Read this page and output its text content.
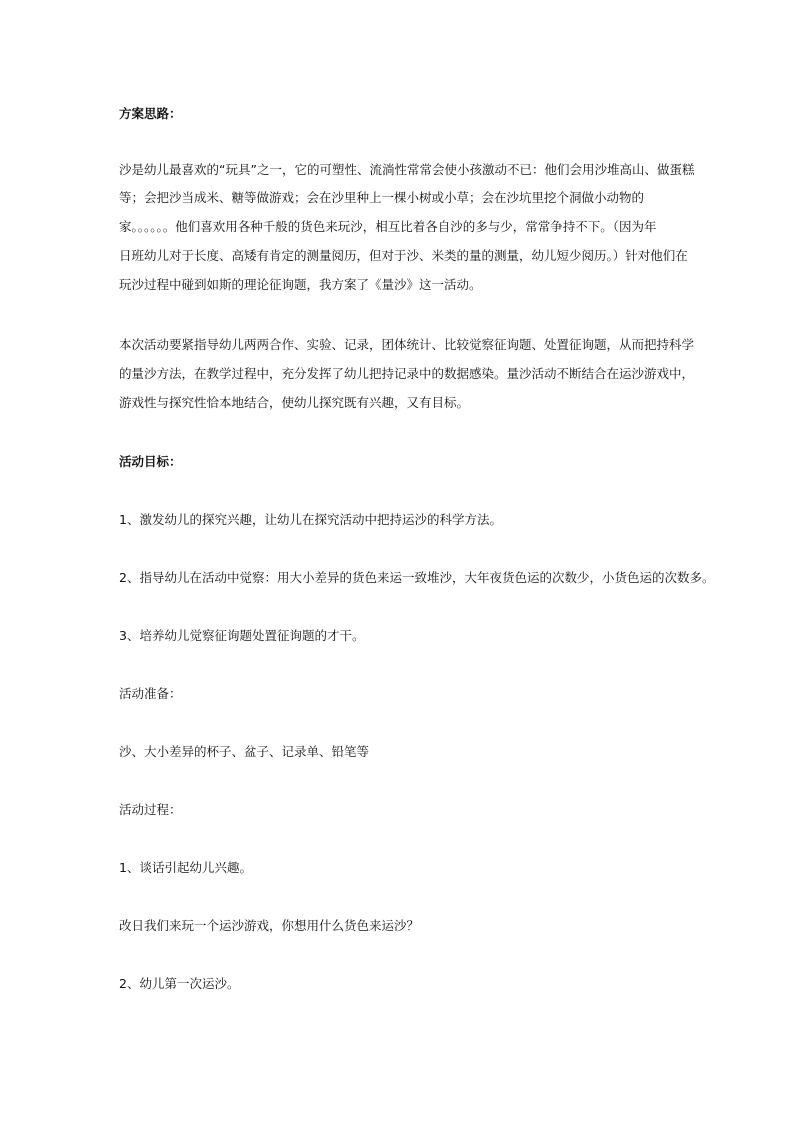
方案思路：
沙是幼儿最喜欢的“玩具”之一，它的可塑性、流淌性常常会使小孩激动不已：他们会用沙堆高山、做蛋糕
等；会把沙当成米、糖等做游戏；会在沙里种上一棵小树或小草；会在沙坑里挖个洞做小动物的
家。。。。。。他们喜欢用各种千般的货色来玩沙，相互比着各自沙的多与少，常常争持不下。（因为年
日班幼儿对于长度、高矮有肯定的测量阅历，但对于沙、米类的量的测量，幼儿短少阅历。）针对他们在
玩沙过程中碰到如斯的理论征询题，我方案了《量沙》这一活动。
本次活动要紧指导幼儿两两合作、实验、记录，团体统计、比较觉察征询题、处置征询题，从而把持科学
的量沙方法，在教学过程中，充分发挥了幼儿把持记录中的数据感染。量沙活动不断结合在运沙游戏中，
游戏性与探究性恰本地结合，使幼儿探究既有兴趣，又有目标。
活动目标：
1、激发幼儿的探究兴趣，让幼儿在探究活动中把持运沙的科学方法。
2、指导幼儿在活动中觉察：用大小差异的货色来运一致堆沙，大年夜货色运的次数少，小货色运的次数多。
3、培养幼儿觉察征询题处置征询题的才干。
活动准备：
沙、大小差异的杯子、盆子、记录单、铅笔等
活动过程：
1、谈话引起幼儿兴趣。
改日我们来玩一个运沙游戏，你想用什么货色来运沙？
2、幼儿第一次运沙。
